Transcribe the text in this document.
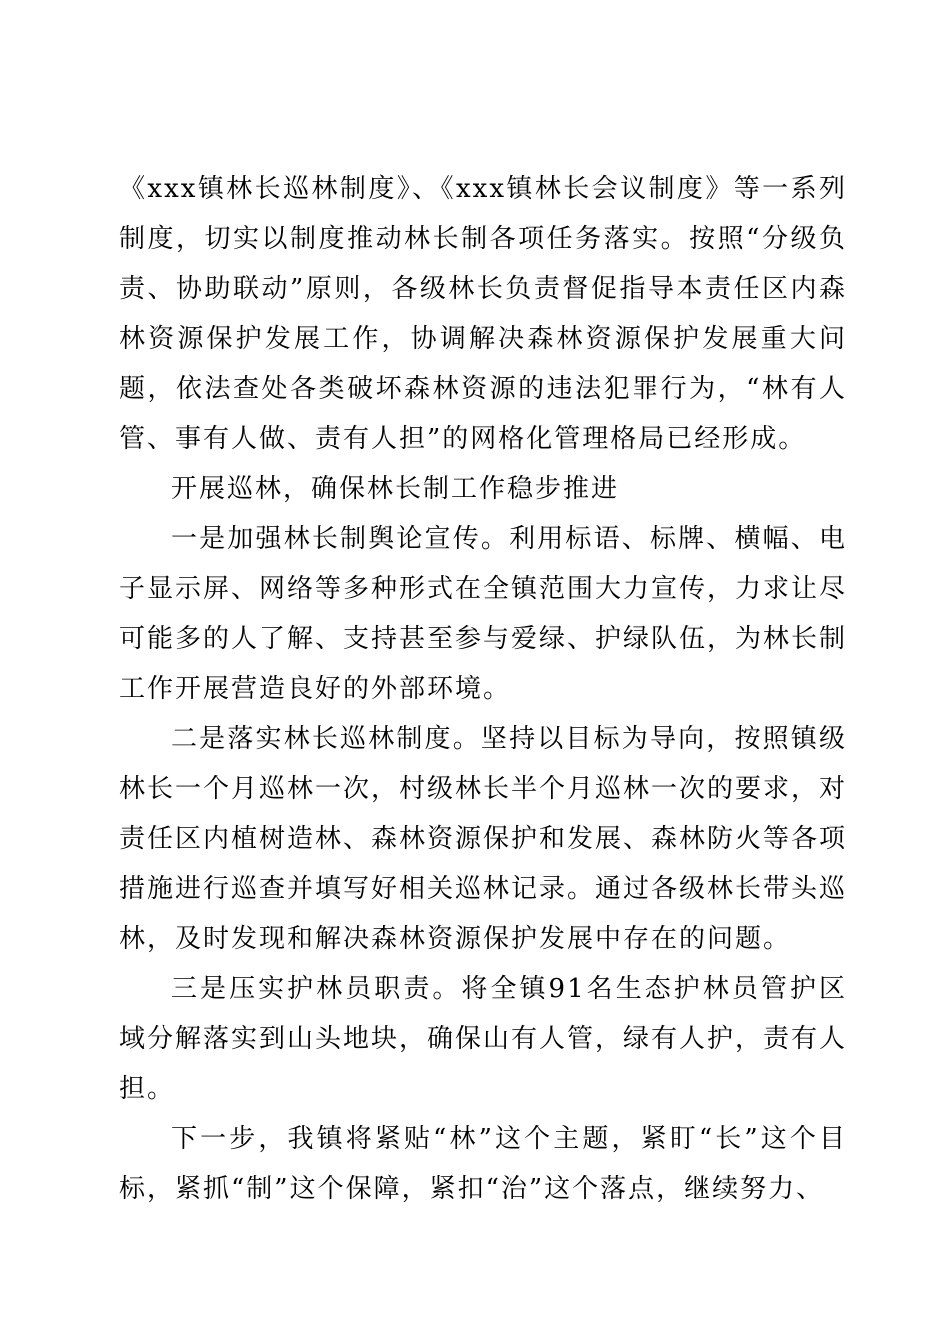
《xxx镇林长巡林制度》、《xxx镇林长会议制度》等一系列制度，切实以制度推动林长制各项任务落实。按照“分级负责、协助联动”原则，各级林长负责督促指导本责任区内森林资源保护发展工作，协调解决森林资源保护发展重大问题，依法查处各类破坏森林资源的违法犯罪行为，“林有人管、事有人做、责有人担”的网格化管理格局已经形成。

开展巡林，确保林长制工作稳步推进

一是加强林长制舆论宣传。利用标语、标牌、横幅、电子显示屏、网络等多种形式在全镇范围大力宣传，力求让尽可能多的人了解、支持甚至参与爱绿、护绿队伍，为林长制工作开展营造良好的外部环境。

二是落实林长巡林制度。坚持以目标为导向，按照镇级林长一个月巡林一次，村级林长半个月巡林一次的要求，对责任区内植树造林、森林资源保护和发展、森林防火等各项措施进行巡查并填写好相关巡林记录。通过各级林长带头巡林，及时发现和解决森林资源保护发展中存在的问题。

三是压实护林员职责。将全镇91名生态护林员管护区域分解落实到山头地块，确保山有人管，绿有人护，责有人担。

下一步，我镇将紧贴“林”这个主题，紧盯“长”这个目标，紧抓“制”这个保障，紧扣“治”这个落点，继续努力、
